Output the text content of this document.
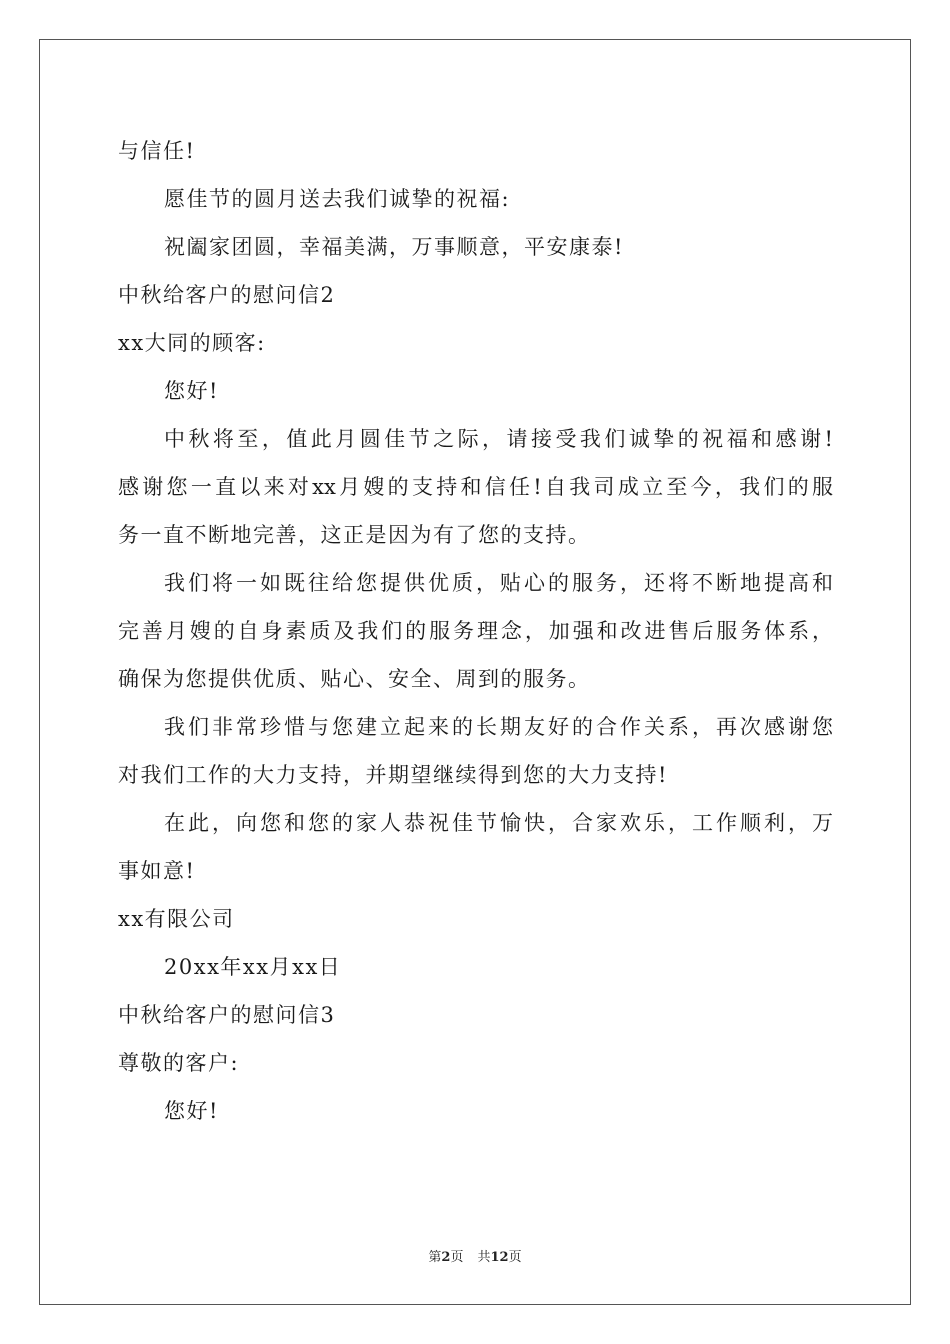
与信任!
愿佳节的圆月送去我们诚挚的祝福:
祝阖家团圆，幸福美满，万事顺意，平安康泰!
中秋给客户的慰问信2
xx大同的顾客:
您好!
中秋将至，值此月圆佳节之际，请接受我们诚挚的祝福和感谢!
感谢您一直以来对xx月嫂的支持和信任!自我司成立至今，我们的服
务一直不断地完善，这正是因为有了您的支持。
我们将一如既往给您提供优质，贴心的服务，还将不断地提高和
完善月嫂的自身素质及我们的服务理念，加强和改进售后服务体系，
确保为您提供优质、贴心、安全、周到的服务。
我们非常珍惜与您建立起来的长期友好的合作关系，再次感谢您
对我们工作的大力支持，并期望继续得到您的大力支持!
在此，向您和您的家人恭祝佳节愉快，合家欢乐，工作顺利，万
事如意!
xx有限公司
20xx年xx月xx日
中秋给客户的慰问信3
尊敬的客户:
您好!
第2页 共12页
